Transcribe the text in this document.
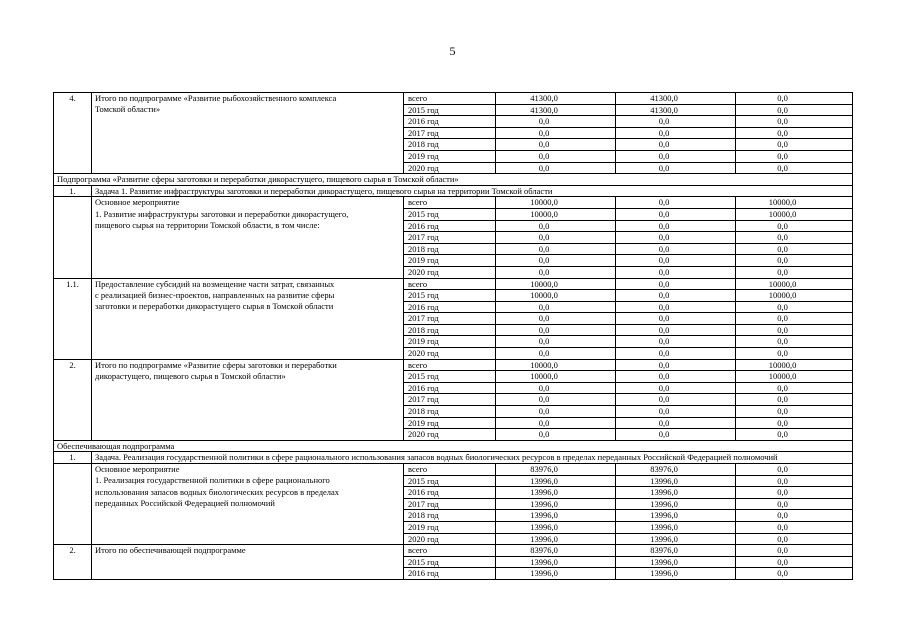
5
4.	Итого по подпрограмме «Развитие рыбохозяйственного комплекса
Томской области»	всего	41300,0	41300,0	0,0
		2015 год	41300,0	41300,0	0,0
		2016 год	0,0	0,0	0,0
		2017 год	0,0	0,0	0,0
		2018 год	0,0	0,0	0,0
		2019 год	0,0	0,0	0,0
		2020 год	0,0	0,0	0,0
Подпрограмма «Развитие сферы заготовки и переработки дикорастущего, пищевого сырья в Томской области»					
1.	Задача 1. Развитие инфраструктуры заготовки и переработки дикорастущего, пищевого сырья на территории Томской области				

	Основное мероприятие
1. Развитие инфраструктуры заготовки и переработки дикорастущего,
пищевого сырья на территории Томской области, в том числе:	всего	10000,0	0,0	10000,0
		2015 год	10000,0	0,0	10000,0
		2016 год	0,0	0,0	0,0
		2017 год	0,0	0,0	0,0
		2018 год	0,0	0,0	0,0
		2019 год	0,0	0,0	0,0
		2020 год	0,0	0,0	0,0
1.1.	Предоставление субсидий на возмещение части затрат, связанных
с реализацией бизнес-проектов, направленных на развитие сферы
заготовки и переработки дикорастущего сырья в Томской области	всего	10000,0	0,0	10000,0
		2015 год	10000,0	0,0	10000,0
		2016 год	0,0	0,0	0,0
		2017 год	0,0	0,0	0,0
		2018 год	0,0	0,0	0,0
		2019 год	0,0	0,0	0,0
		2020 год	0,0	0,0	0,0
2.	Итого по подпрограмме «Развитие сферы заготовки и переработки
дикорастущего, пищевого сырья в Томской области»	всего	10000,0	0,0	10000,0
		2015 год	10000,0	0,0	10000,0
		2016 год	0,0	0,0	0,0
		2017 год	0,0	0,0	0,0
		2018 год	0,0	0,0	0,0
		2019 год	0,0	0,0	0,0
		2020 год	0,0	0,0	0,0
Обеспечивающая подпрограмма					
1.	Задача. Реализация государственной политики в сфере рационального использования запасов водных биологических ресурсов в пределах переданных Российской Федерацией полномочий				

	Основное мероприятие
1. Реализация государственной политики в сфере рационального
использования запасов водных биологических ресурсов в пределах
переданных Российской Федерацией полномочий	всего	83976,0	83976,0	0,0
		2015 год	13996,0	13996,0	0,0
		2016 год	13996,0	13996,0	0,0
		2017 год	13996,0	13996,0	0,0
		2018 год	13996,0	13996,0	0,0
		2019 год	13996,0	13996,0	0,0
		2020 год	13996,0	13996,0	0,0
2.	Итого по обеспечивающей подпрограмме	всего	83976,0	83976,0	0,0
		2015 год	13996,0	13996,0	0,0
		2016 год	13996,0	13996,0	0,0
